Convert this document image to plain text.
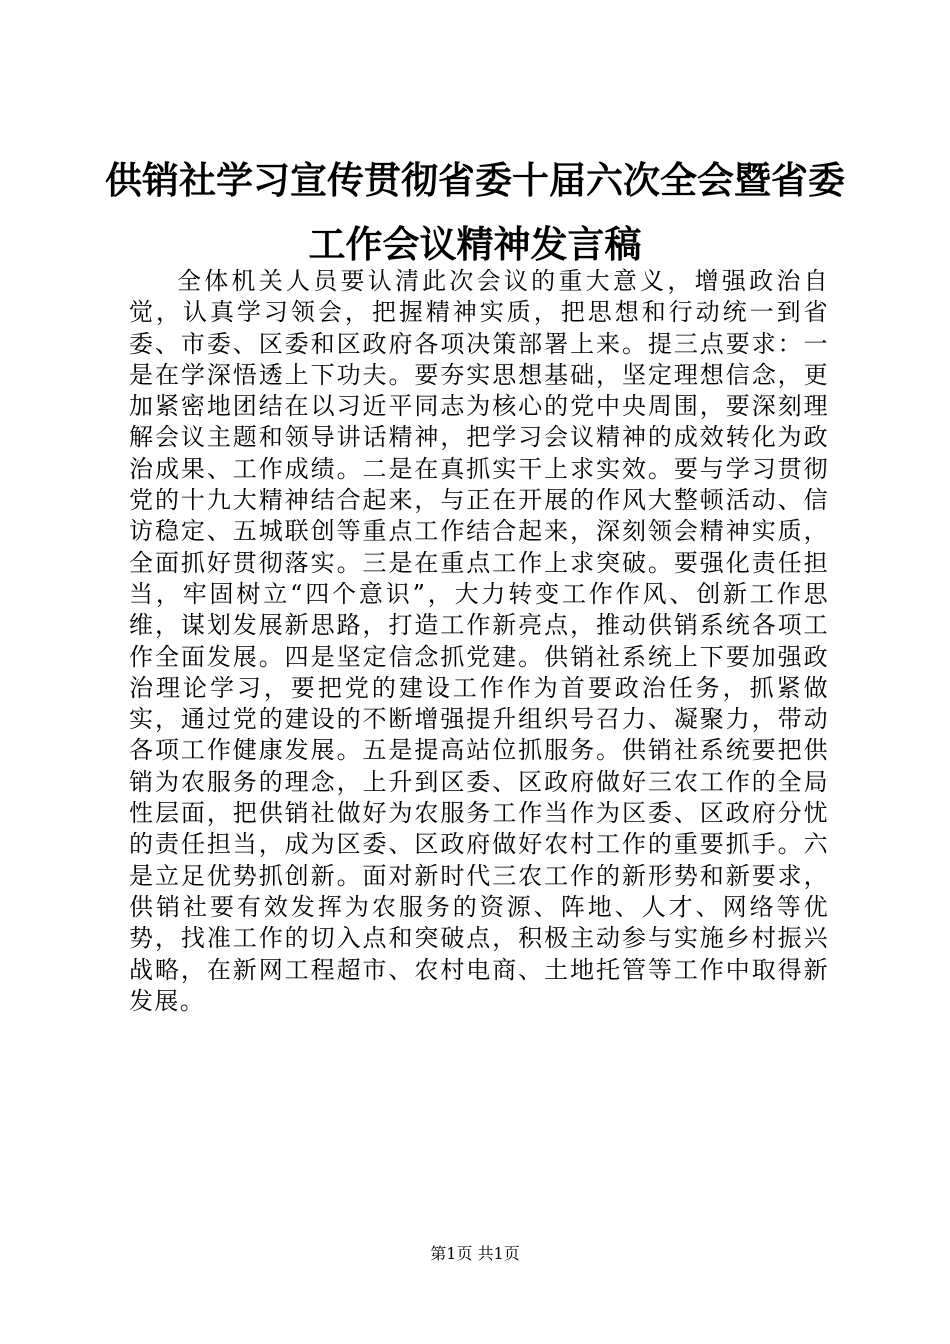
供销社学习宣传贯彻省委十届六次全会暨省委
工作会议精神发言稿

全体机关人员要认清此次会议的重大意义，增强政治自觉，认真学习领会，把握精神实质，把思想和行动统一到省委、市委、区委和区政府各项决策部署上来。提三点要求：一是在学深悟透上下功夫。要夯实思想基础，坚定理想信念，更加紧密地团结在以习近平同志为核心的党中央周围，要深刻理解会议主题和领导讲话精神，把学习会议精神的成效转化为政治成果、工作成绩。二是在真抓实干上求实效。要与学习贯彻党的十九大精神结合起来，与正在开展的作风大整顿活动、信访稳定、五城联创等重点工作结合起来，深刻领会精神实质，全面抓好贯彻落实。三是在重点工作上求突破。要强化责任担当，牢固树立“四个意识”，大力转变工作作风、创新工作思维，谋划发展新思路，打造工作新亮点，推动供销系统各项工作全面发展。四是坚定信念抓党建。供销社系统上下要加强政治理论学习，要把党的建设工作作为首要政治任务，抓紧做实，通过党的建设的不断增强提升组织号召力、凝聚力，带动各项工作健康发展。五是提高站位抓服务。供销社系统要把供销为农服务的理念，上升到区委、区政府做好三农工作的全局性层面，把供销社做好为农服务工作当作为区委、区政府分忧的责任担当，成为区委、区政府做好农村工作的重要抓手。六是立足优势抓创新。面对新时代三农工作的新形势和新要求，供销社要有效发挥为农服务的资源、阵地、人才、网络等优势，找准工作的切入点和突破点，积极主动参与实施乡村振兴战略，在新网工程超市、农村电商、土地托管等工作中取得新发展。

第1页 共1页
